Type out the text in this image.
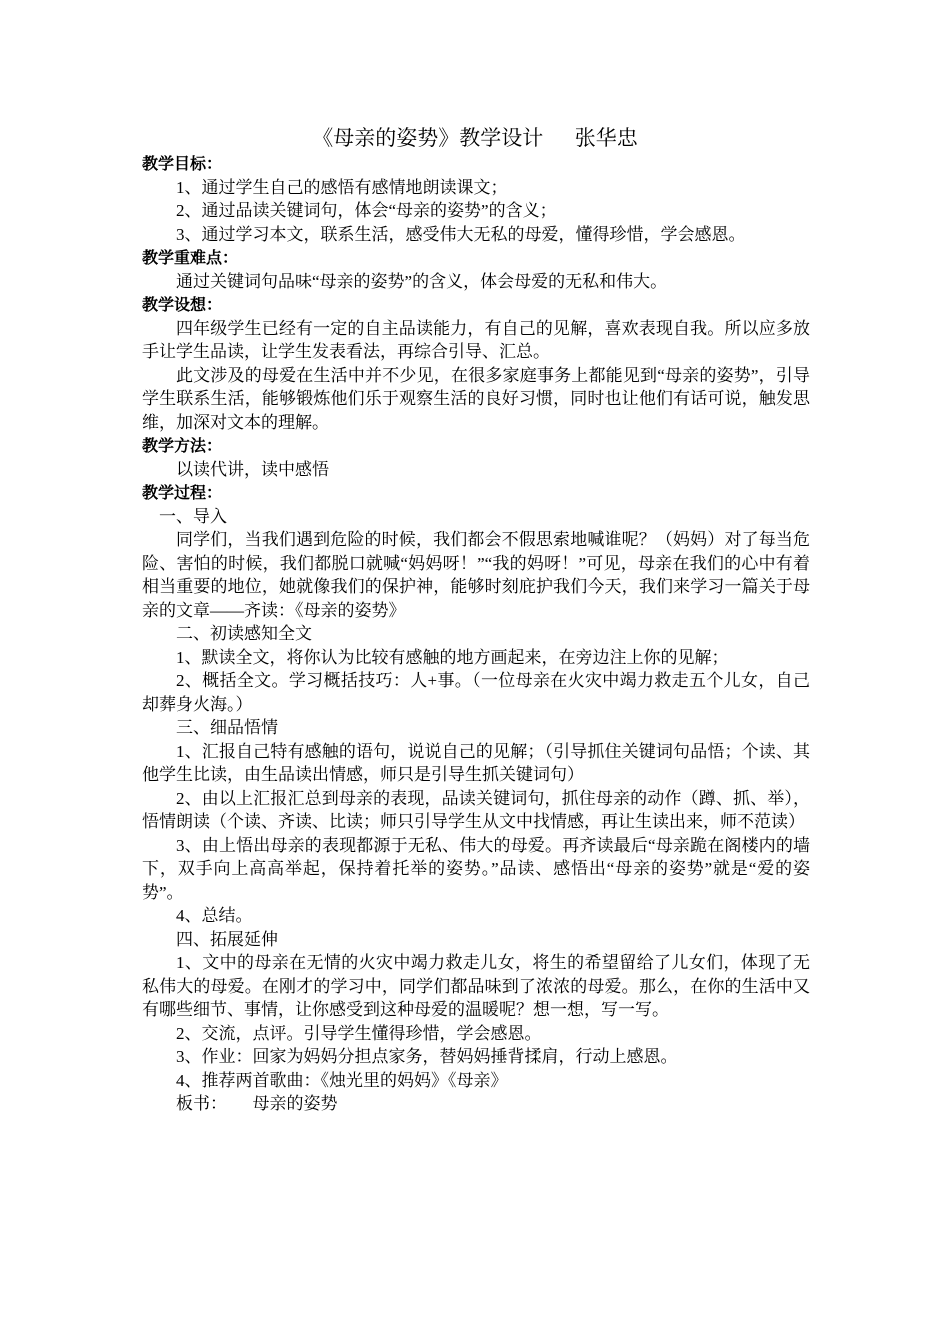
《母亲的姿势》教学设计      张华忠

教学目标：

1、通过学生自己的感悟有感情地朗读课文；

2、通过品读关键词句，体会“母亲的姿势”的含义；

3、通过学习本文，联系生活，感受伟大无私的母爱，懂得珍惜，学会感恩。

教学重难点：

通过关键词句品味“母亲的姿势”的含义，体会母爱的无私和伟大。

教学设想：

四年级学生已经有一定的自主品读能力，有自己的见解，喜欢表现自我。所以应多放手让学生品读，让学生发表看法，再综合引导、汇总。

此文涉及的母爱在生活中并不少见，在很多家庭事务上都能见到“母亲的姿势”，引导学生联系生活，能够锻炼他们乐于观察生活的良好习惯，同时也让他们有话可说，触发思维，加深对文本的理解。

教学方法：

以读代讲，读中感悟

教学过程：

一、导入

同学们，当我们遇到危险的时候，我们都会不假思索地喊谁呢？（妈妈）对了每当危险、害怕的时候，我们都脱口就喊“妈妈呀！”“我的妈呀！”可见，母亲在我们的心中有着相当重要的地位，她就像我们的保护神，能够时刻庇护我们今天，我们来学习一篇关于母亲的文章——齐读：《母亲的姿势》

二、初读感知全文

1、默读全文，将你认为比较有感触的地方画起来，在旁边注上你的见解；

2、概括全文。学习概括技巧：人+事。（一位母亲在火灾中竭力救走五个儿女，自己却葬身火海。）

三、细品悟情

1、汇报自己特有感触的语句，说说自己的见解；（引导抓住关键词句品悟；个读、其他学生比读，由生品读出情感，师只是引导生抓关键词句）

2、由以上汇报汇总到母亲的表现，品读关键词句，抓住母亲的动作（蹲、抓、举），悟情朗读（个读、齐读、比读；师只引导学生从文中找情感，再让生读出来，师不范读）

3、由上悟出母亲的表现都源于无私、伟大的母爱。再齐读最后“母亲跪在阁楼内的墙下，双手向上高高举起，保持着托举的姿势。”品读、感悟出“母亲的姿势”就是“爱的姿势”。

4、总结。

四、拓展延伸

1、文中的母亲在无情的火灾中竭力救走儿女，将生的希望留给了儿女们，体现了无私伟大的母爱。在刚才的学习中，同学们都品味到了浓浓的母爱。那么，在你的生活中又有哪些细节、事情，让你感受到这种母爱的温暖呢？想一想，写一写。

2、交流，点评。引导学生懂得珍惜，学会感恩。

3、作业：回家为妈妈分担点家务，替妈妈捶背揉肩，行动上感恩。

4、推荐两首歌曲：《烛光里的妈妈》《母亲》

板书：      母亲的姿势
